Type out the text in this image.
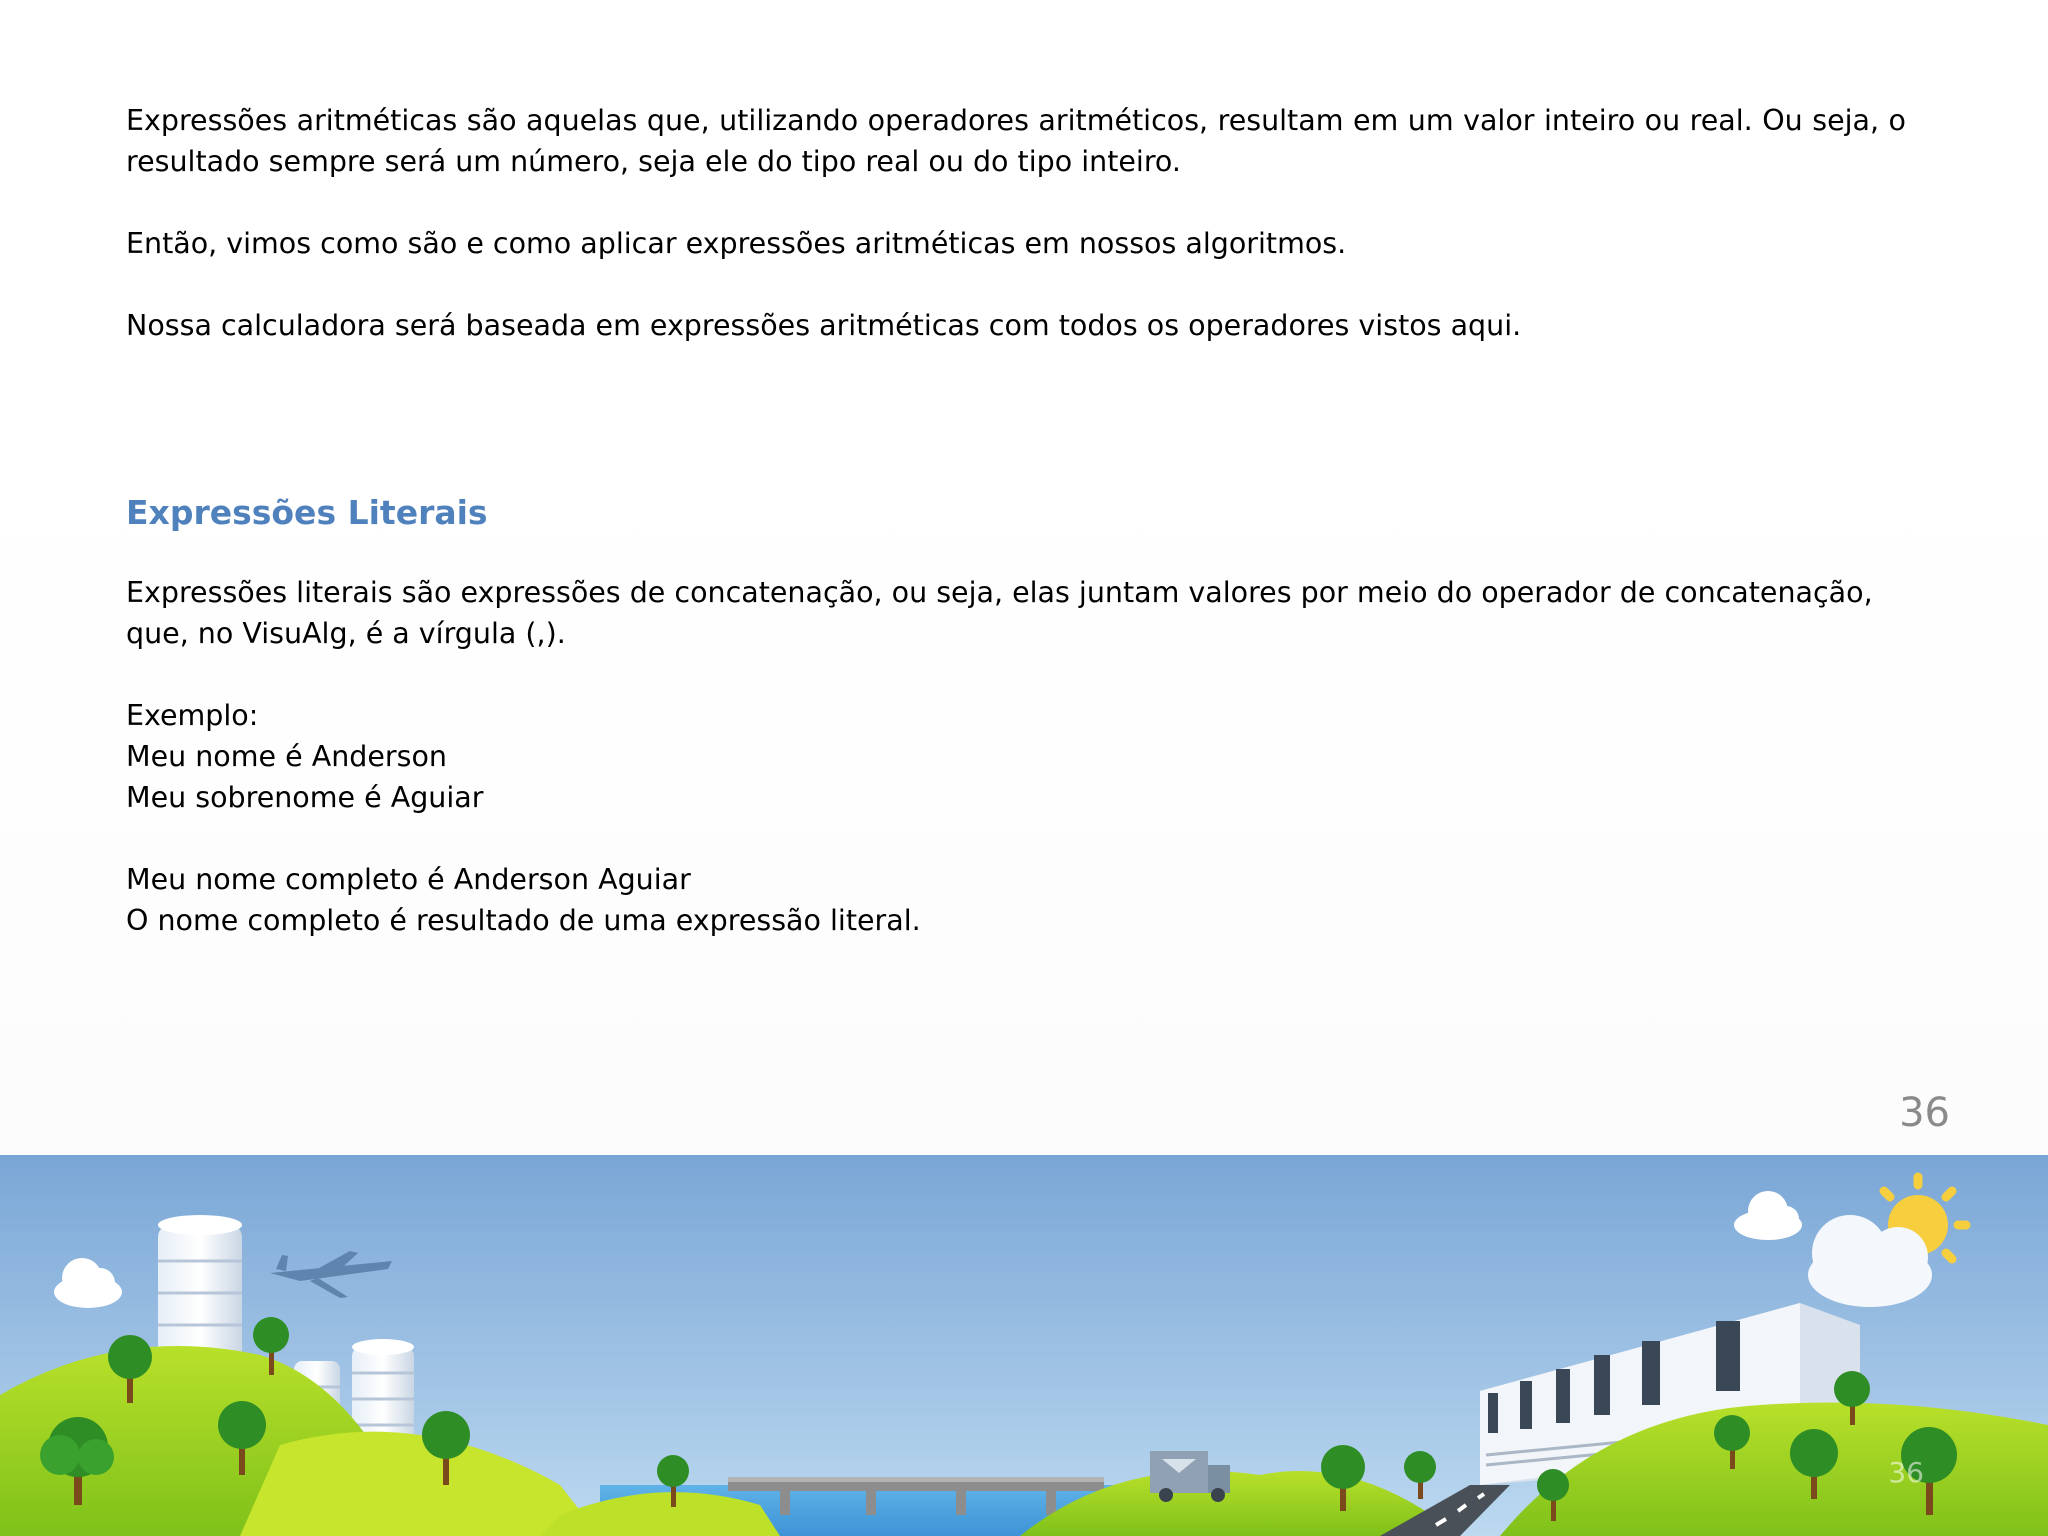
Expressões aritméticas são aquelas que, utilizando operadores aritméticos, resultam em um valor inteiro ou real. Ou seja, o resultado sempre será um número, seja ele do tipo real ou do tipo inteiro.

Então, vimos como são e como aplicar expressões aritméticas em nossos algoritmos.

Nossa calculadora será baseada em expressões aritméticas com todos os operadores vistos aqui.

Expressões Literais

Expressões literais são expressões de concatenação, ou seja, elas juntam valores por meio do operador de concatenação, que, no VisuAlg, é a vírgula (,).

Exemplo:

Meu nome é Anderson

Meu sobrenome é Aguiar

Meu nome completo é Anderson Aguiar

O nome completo é resultado de uma expressão literal.

36
36
